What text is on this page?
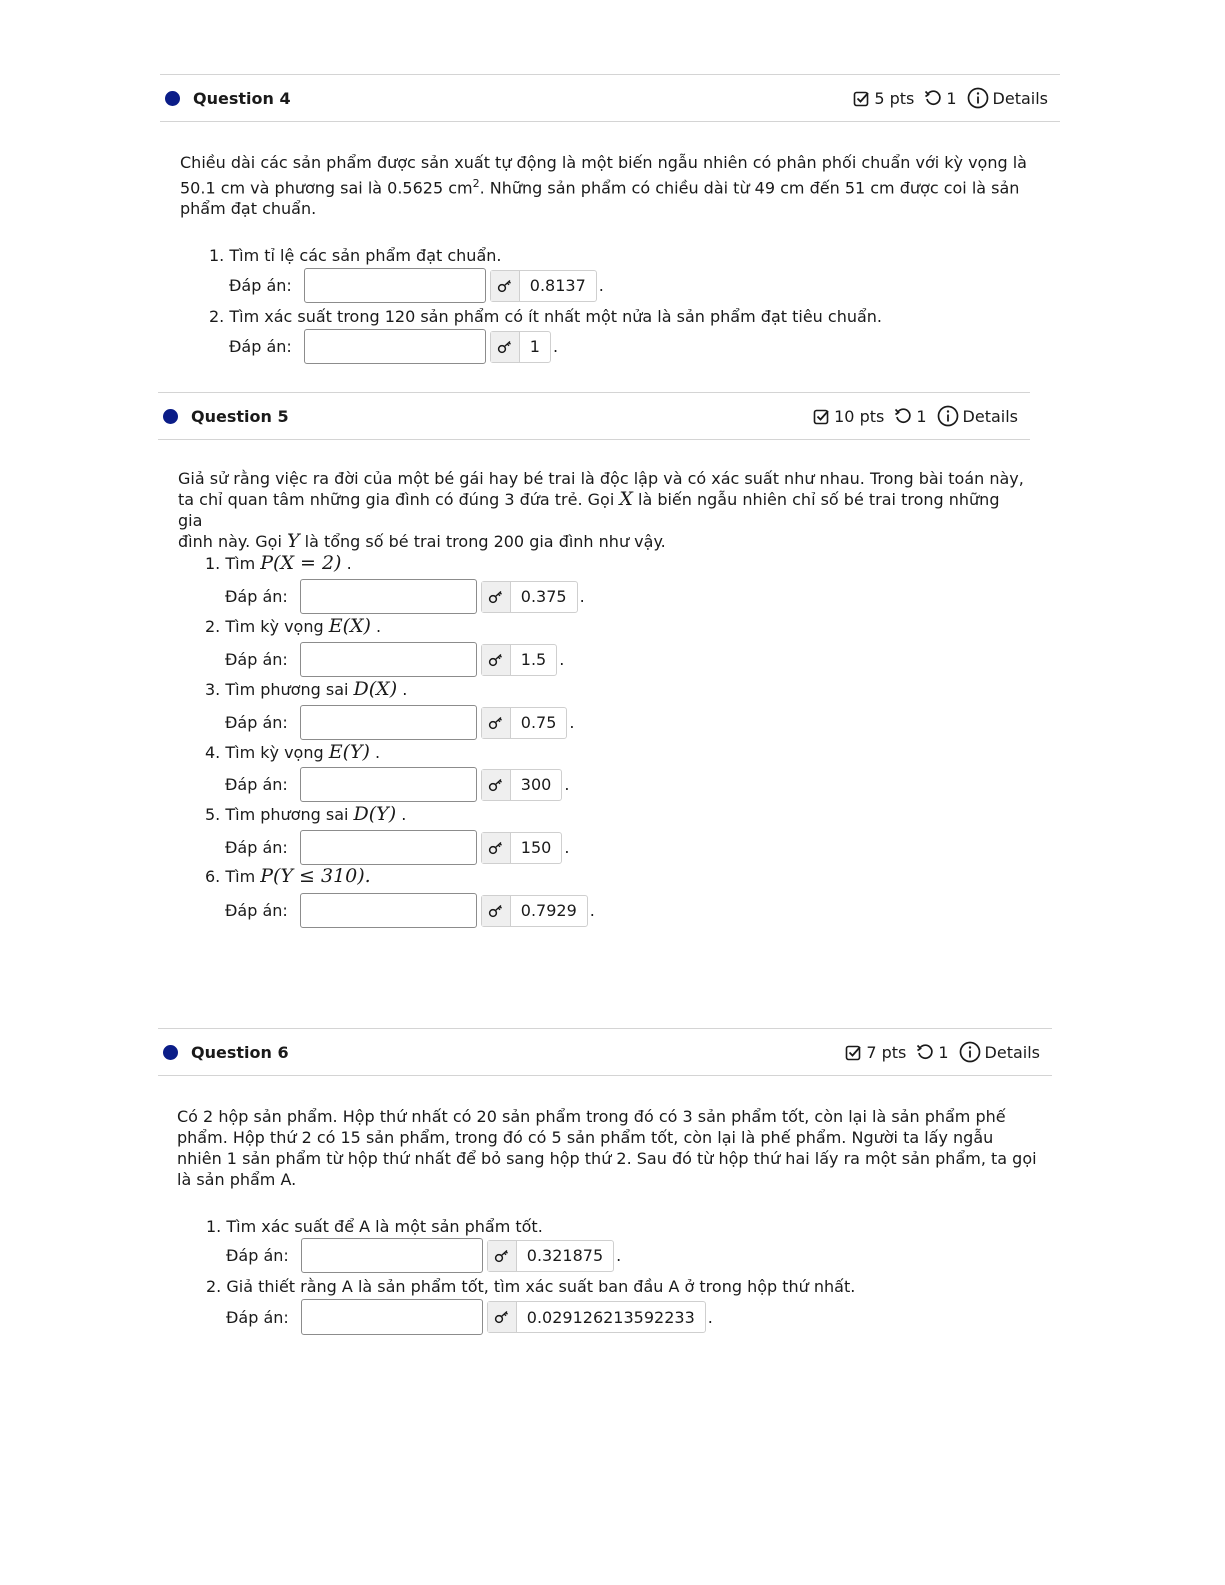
Question 4	5 pts 1 Details

Chiều dài các sản phẩm được sản xuất tự động là một biến ngẫu nhiên có phân phối chuẩn với kỳ vọng là

50.1 cm và phương sai là 0.5625 $cm^2$. Những sản phẩm có chiều dài từ 49 cm đến 51 cm được coi là sản

phẩm đạt chuẩn.

1. Tìm tỉ lệ các sản phẩm đạt chuẩn.
Đáp án:	0.8137 .
2. Tìm xác suất trong 120 sản phẩm có ít nhất một nửa là sản phẩm đạt tiêu chuẩn.
Đáp án:	1 .
Question 5	10 pts 1 Details

Giả sử rằng việc ra đời của một bé gái hay bé trai là độc lập và có xác suất như nhau. Trong bài toán này,

ta chỉ quan tâm những gia đình có đúng 3 đứa trẻ. Gọi X là biến ngẫu nhiên chỉ số bé trai trong những gia

đình này. Gọi Y là tổng số bé trai trong 200 gia đình như vậy.

1. Tìm P(X = 2) .
Đáp án:	0.375 .
2. Tìm kỳ vọng E(X) .
Đáp án:	1.5 .
3. Tìm phương sai D(X) .
Đáp án:	0.75 .
4. Tìm kỳ vọng E(Y) .
Đáp án:	300 .
5. Tìm phương sai D(Y) .
Đáp án:	150 .
6. Tìm P(Y ≤ 310).
Đáp án:	0.7929 .
Question 6	7 pts 1 Details

Có 2 hộp sản phẩm. Hộp thứ nhất có 20 sản phẩm trong đó có 3 sản phẩm tốt, còn lại là sản phẩm phế

phẩm. Hộp thứ 2 có 15 sản phẩm, trong đó có 5 sản phẩm tốt, còn lại là phế phẩm. Người ta lấy ngẫu

nhiên 1 sản phẩm từ hộp thứ nhất để bỏ sang hộp thứ 2. Sau đó từ hộp thứ hai lấy ra một sản phẩm, ta gọi

là sản phẩm A.

1. Tìm xác suất để A là một sản phẩm tốt.
Đáp án:	0.321875 .
2. Giả thiết rằng A là sản phẩm tốt, tìm xác suất ban đầu A ở trong hộp thứ nhất.
Đáp án:	0.029126213592233 .
